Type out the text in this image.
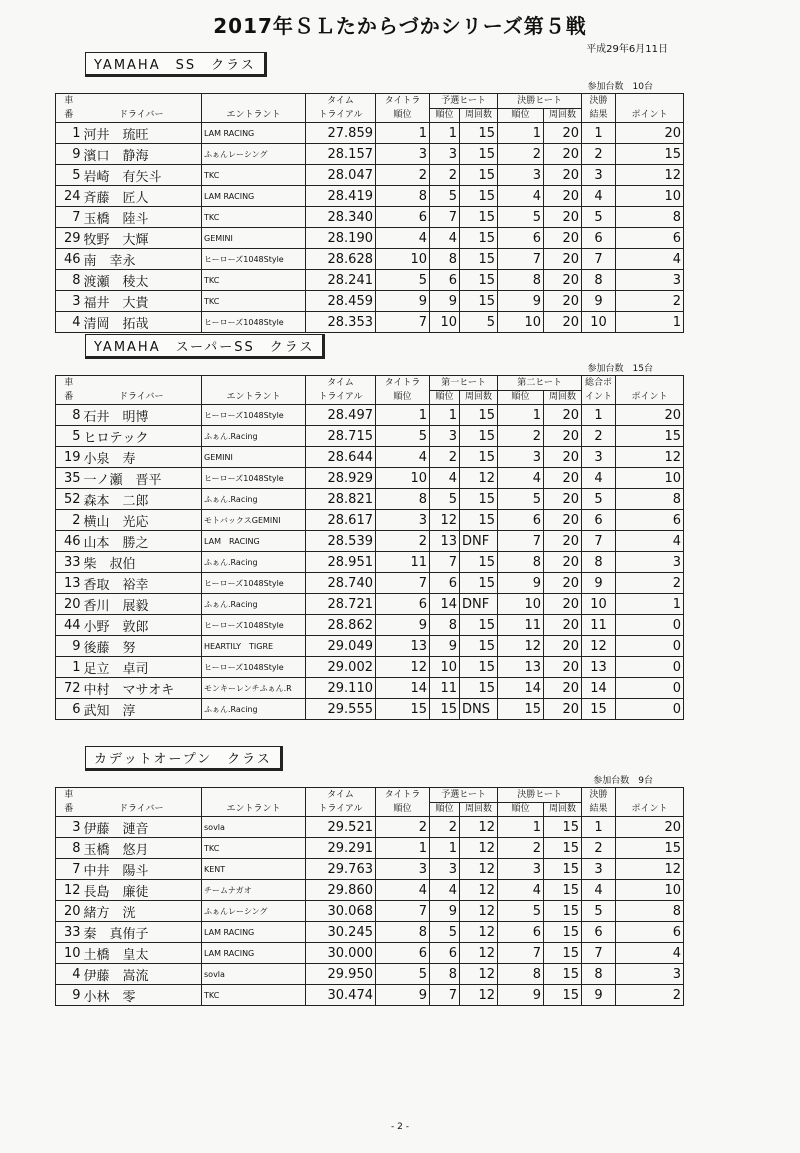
2017年ＳＬたからづかシリーズ第５戦
平成29年6月11日
YAMAHA　SS　クラス
参加台数　 10台
車	ドライバー	エントラント	タイム	タイトラ	予選ヒート		決勝ヒート		決勝	
番			トライアル	順位	順位	周回数	順位	周回数	結果	ポイント
1	河井　琉旺	LAM RACING	27.859	1	1	15	1	20	1	20
9	濱口　静海	ふぁんレーシング	28.157	3	3	15	2	20	2	15
5	岩崎　有矢斗	TKC	28.047	2	2	15	3	20	3	12
24	斉藤　匠人	LAM RACING	28.419	8	5	15	4	20	4	10
7	玉橋　陸斗	TKC	28.340	6	7	15	5	20	5	8
29	牧野　大輝	GEMINI	28.190	4	4	15	6	20	6	6
46	南　幸永	ヒーローズ1048Style	28.628	10	8	15	7	20	7	4
8	渡瀬　稜太	TKC	28.241	5	6	15	8	20	8	3
3	福井　大貴	TKC	28.459	9	9	15	9	20	9	2
4	清岡　拓哉	ヒーローズ1048Style	28.353	7	10	5	10	20	10	1
YAMAHA　スーパーSS　クラス
参加台数　 15台
車	ドライバー	エントラント	タイム	タイトラ	第一ヒート		第二ヒート		総合ポ	
番			トライアル	順位	順位	周回数	順位	周回数	イント	ポイント
8	石井　明博	ヒーローズ1048Style	28.497	1	1	15	1	20	1	20
5	ヒロテック	ふぁん.Racing	28.715	5	3	15	2	20	2	15
19	小泉　寿	GEMINI	28.644	4	2	15	3	20	3	12
35	一ノ瀬　晋平	ヒーローズ1048Style	28.929	10	4	12	4	20	4	10
52	森本　二郎	ふぁん.Racing	28.821	8	5	15	5	20	5	8
2	横山　光応	モトバックスGEMINI	28.617	3	12	15	6	20	6	6
46	山本　勝之	LAM　RACING	28.539	2	13	DNF	7	20	7	4
33	柴　叔伯	ふぁん.Racing	28.951	11	7	15	8	20	8	3
13	香取　裕幸	ヒーローズ1048Style	28.740	7	6	15	9	20	9	2
20	香川　展毅	ふぁん.Racing	28.721	6	14	DNF	10	20	10	1
44	小野　敦郎	ヒーローズ1048Style	28.862	9	8	15	11	20	11	0
9	後藤　努	HEARTILY　TIGRE	29.049	13	9	15	12	20	12	0
1	足立　卓司	ヒーローズ1048Style	29.002	12	10	15	13	20	13	0
72	中村　マサオキ	モンキーレンチふぁん.R	29.110	14	11	15	14	20	14	0
6	武知　淳	ふぁん.Racing	29.555	15	15	DNS	15	20	15	0
カデットオープン　クラス
参加台数　 9台
車	ドライバー	エントラント	タイム	タイトラ	予選ヒート		決勝ヒート		決勝	
番			トライアル	順位	順位	周回数	順位	周回数	結果	ポイント
3	伊藤　漣音	sovla	29.521	2	2	12	1	15	1	20
8	玉橋　悠月	TKC	29.291	1	1	12	2	15	2	15
7	中井　陽斗	KENT	29.763	3	3	12	3	15	3	12
12	長島　廉徒	チームナガオ	29.860	4	4	12	4	15	4	10
20	緒方　洸	ふぁんレーシング	30.068	7	9	12	5	15	5	8
33	秦　真侑子	LAM RACING	30.245	8	5	12	6	15	6	6
10	土橋　皇太	LAM RACING	30.000	6	6	12	7	15	7	4
4	伊藤　嵩流	sovla	29.950	5	8	12	8	15	8	3
9	小林　零	TKC	30.474	9	7	12	9	15	9	2
- 2 -
